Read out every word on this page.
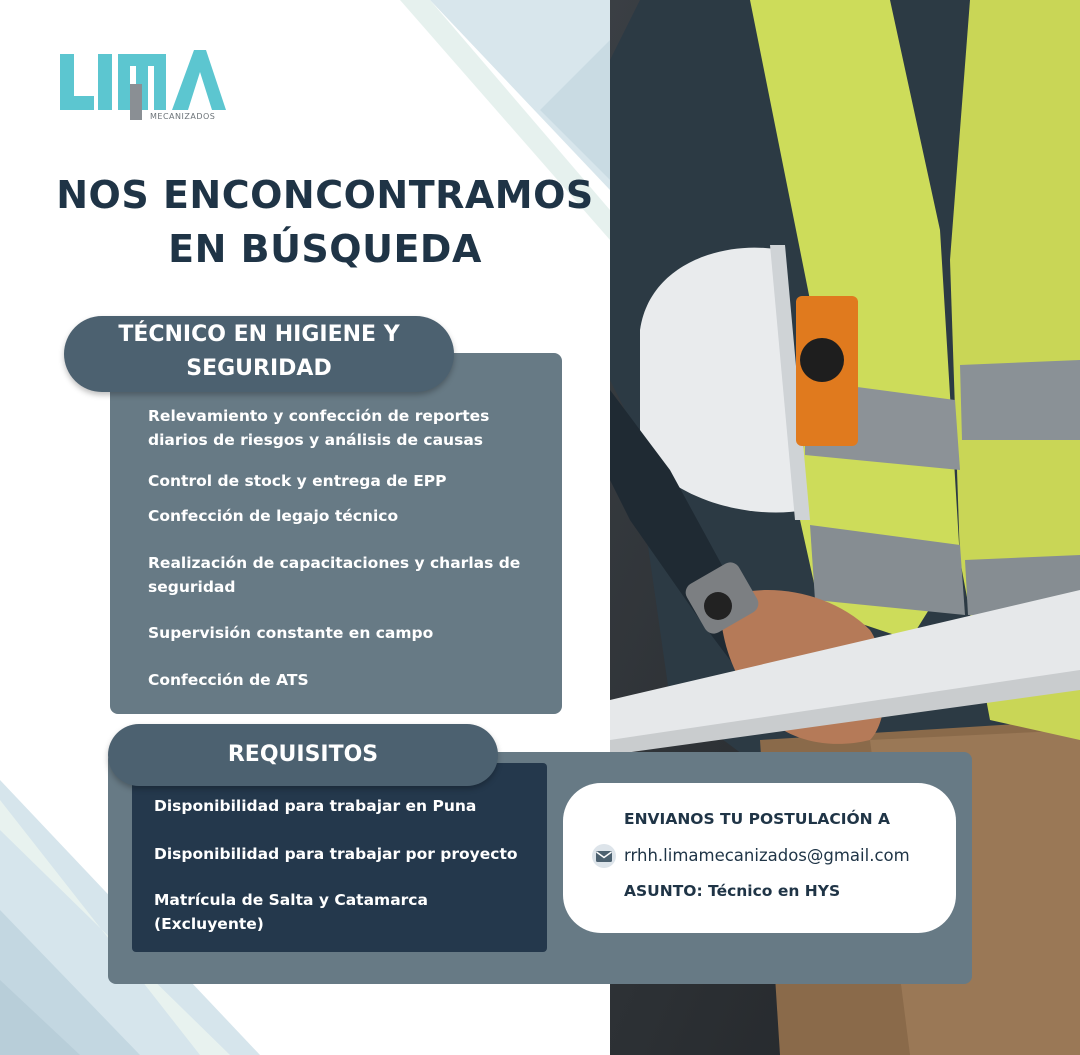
MECANIZADOS
NOS ENCONCONTRAMOS
EN BÚSQUEDA
TÉCNICO EN HIGIENE Y
SEGURIDAD
Relevamiento y confección de reportes
diarios de riesgos y análisis de causas
Control de stock y entrega de EPP
Confección de legajo técnico
Realización de capacitaciones y charlas de
seguridad
Supervisión constante en campo
Confección de ATS
REQUISITOS
Disponibilidad para trabajar en Puna
Disponibilidad para trabajar por proyecto
Matrícula de Salta y Catamarca (Excluyente)
ENVIANOS TU POSTULACIÓN A
rrhh.limamecanizados@gmail.com
ASUNTO: Técnico en HYS
